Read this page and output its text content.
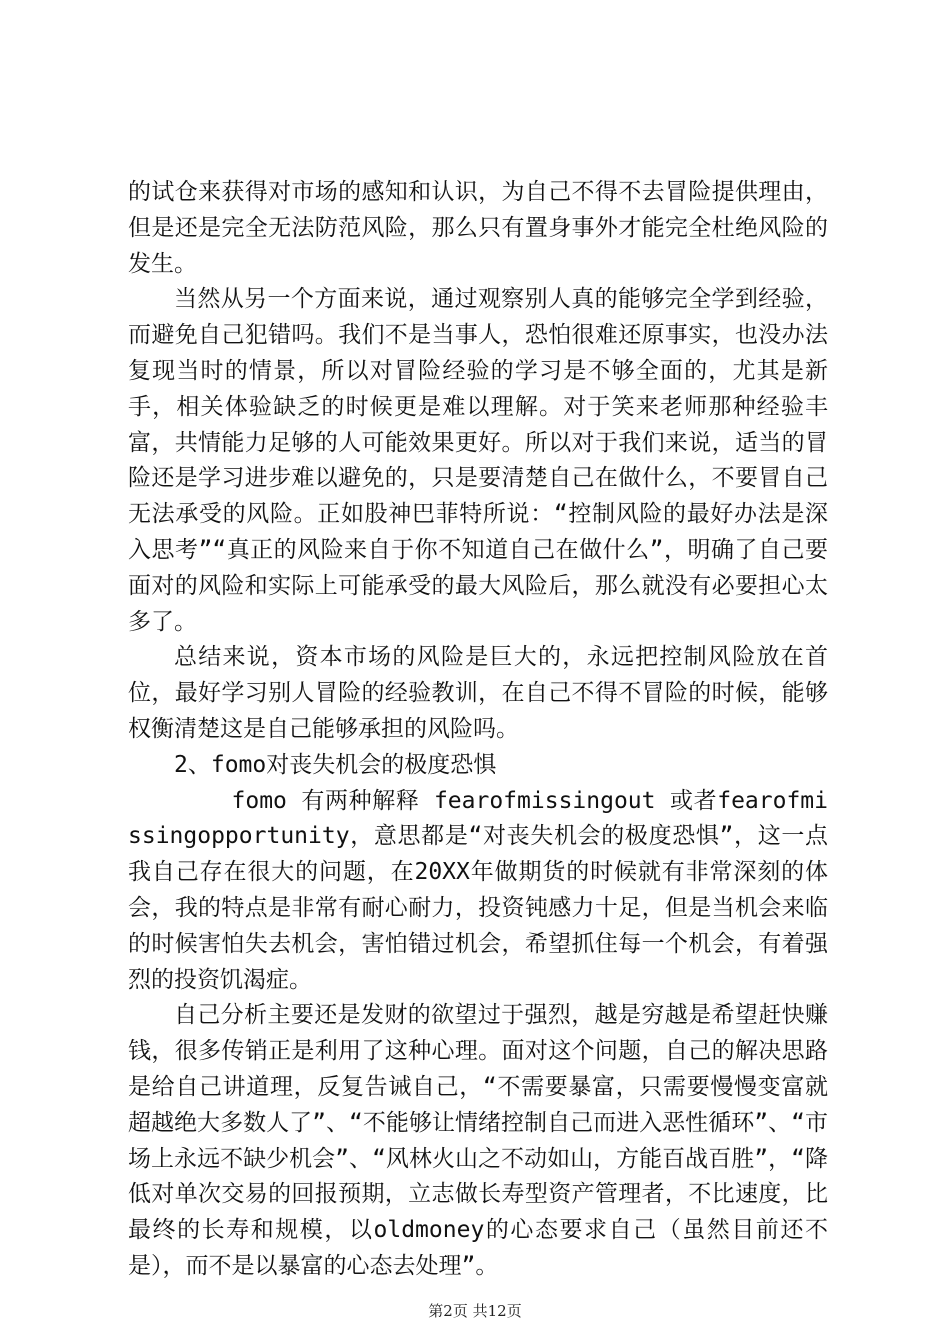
的试仓来获得对市场的感知和认识，为自己不得不去冒险提供理由，但是还是完全无法防范风险，那么只有置身事外才能完全杜绝风险的发生。

当然从另一个方面来说，通过观察别人真的能够完全学到经验，而避免自己犯错吗。我们不是当事人，恐怕很难还原事实，也没办法复现当时的情景，所以对冒险经验的学习是不够全面的，尤其是新手，相关体验缺乏的时候更是难以理解。对于笑来老师那种经验丰富，共情能力足够的人可能效果更好。所以对于我们来说，适当的冒险还是学习进步难以避免的，只是要清楚自己在做什么，不要冒自己无法承受的风险。正如股神巴菲特所说：“控制风险的最好办法是深入思考”“真正的风险来自于你不知道自己在做什么”，明确了自己要面对的风险和实际上可能承受的最大风险后，那么就没有必要担心太多了。

总结来说，资本市场的风险是巨大的，永远把控制风险放在首位，最好学习别人冒险的经验教训，在自己不得不冒险的时候，能够权衡清楚这是自己能够承担的风险吗。

2、fomo对丧失机会的极度恐惧

fomo 有两种解释 fearofmissingout 或者fearofmissingopportunity，意思都是“对丧失机会的极度恐惧”，这一点我自己存在很大的问题，在20XX年做期货的时候就有非常深刻的体会，我的特点是非常有耐心耐力，投资钝感力十足，但是当机会来临的时候害怕失去机会，害怕错过机会，希望抓住每一个机会，有着强烈的投资饥渴症。

自己分析主要还是发财的欲望过于强烈，越是穷越是希望赶快赚钱，很多传销正是利用了这种心理。面对这个问题，自己的解决思路是给自己讲道理，反复告诫自己，“不需要暴富，只需要慢慢变富就超越绝大多数人了”、“不能够让情绪控制自己而进入恶性循环”、“市场上永远不缺少机会”、“风林火山之不动如山，方能百战百胜”，“降低对单次交易的回报预期，立志做长寿型资产管理者，不比速度，比最终的长寿和规模，以oldmoney的心态要求自己（虽然目前还不是），而不是以暴富的心态去处理”。

第2页 共12页
